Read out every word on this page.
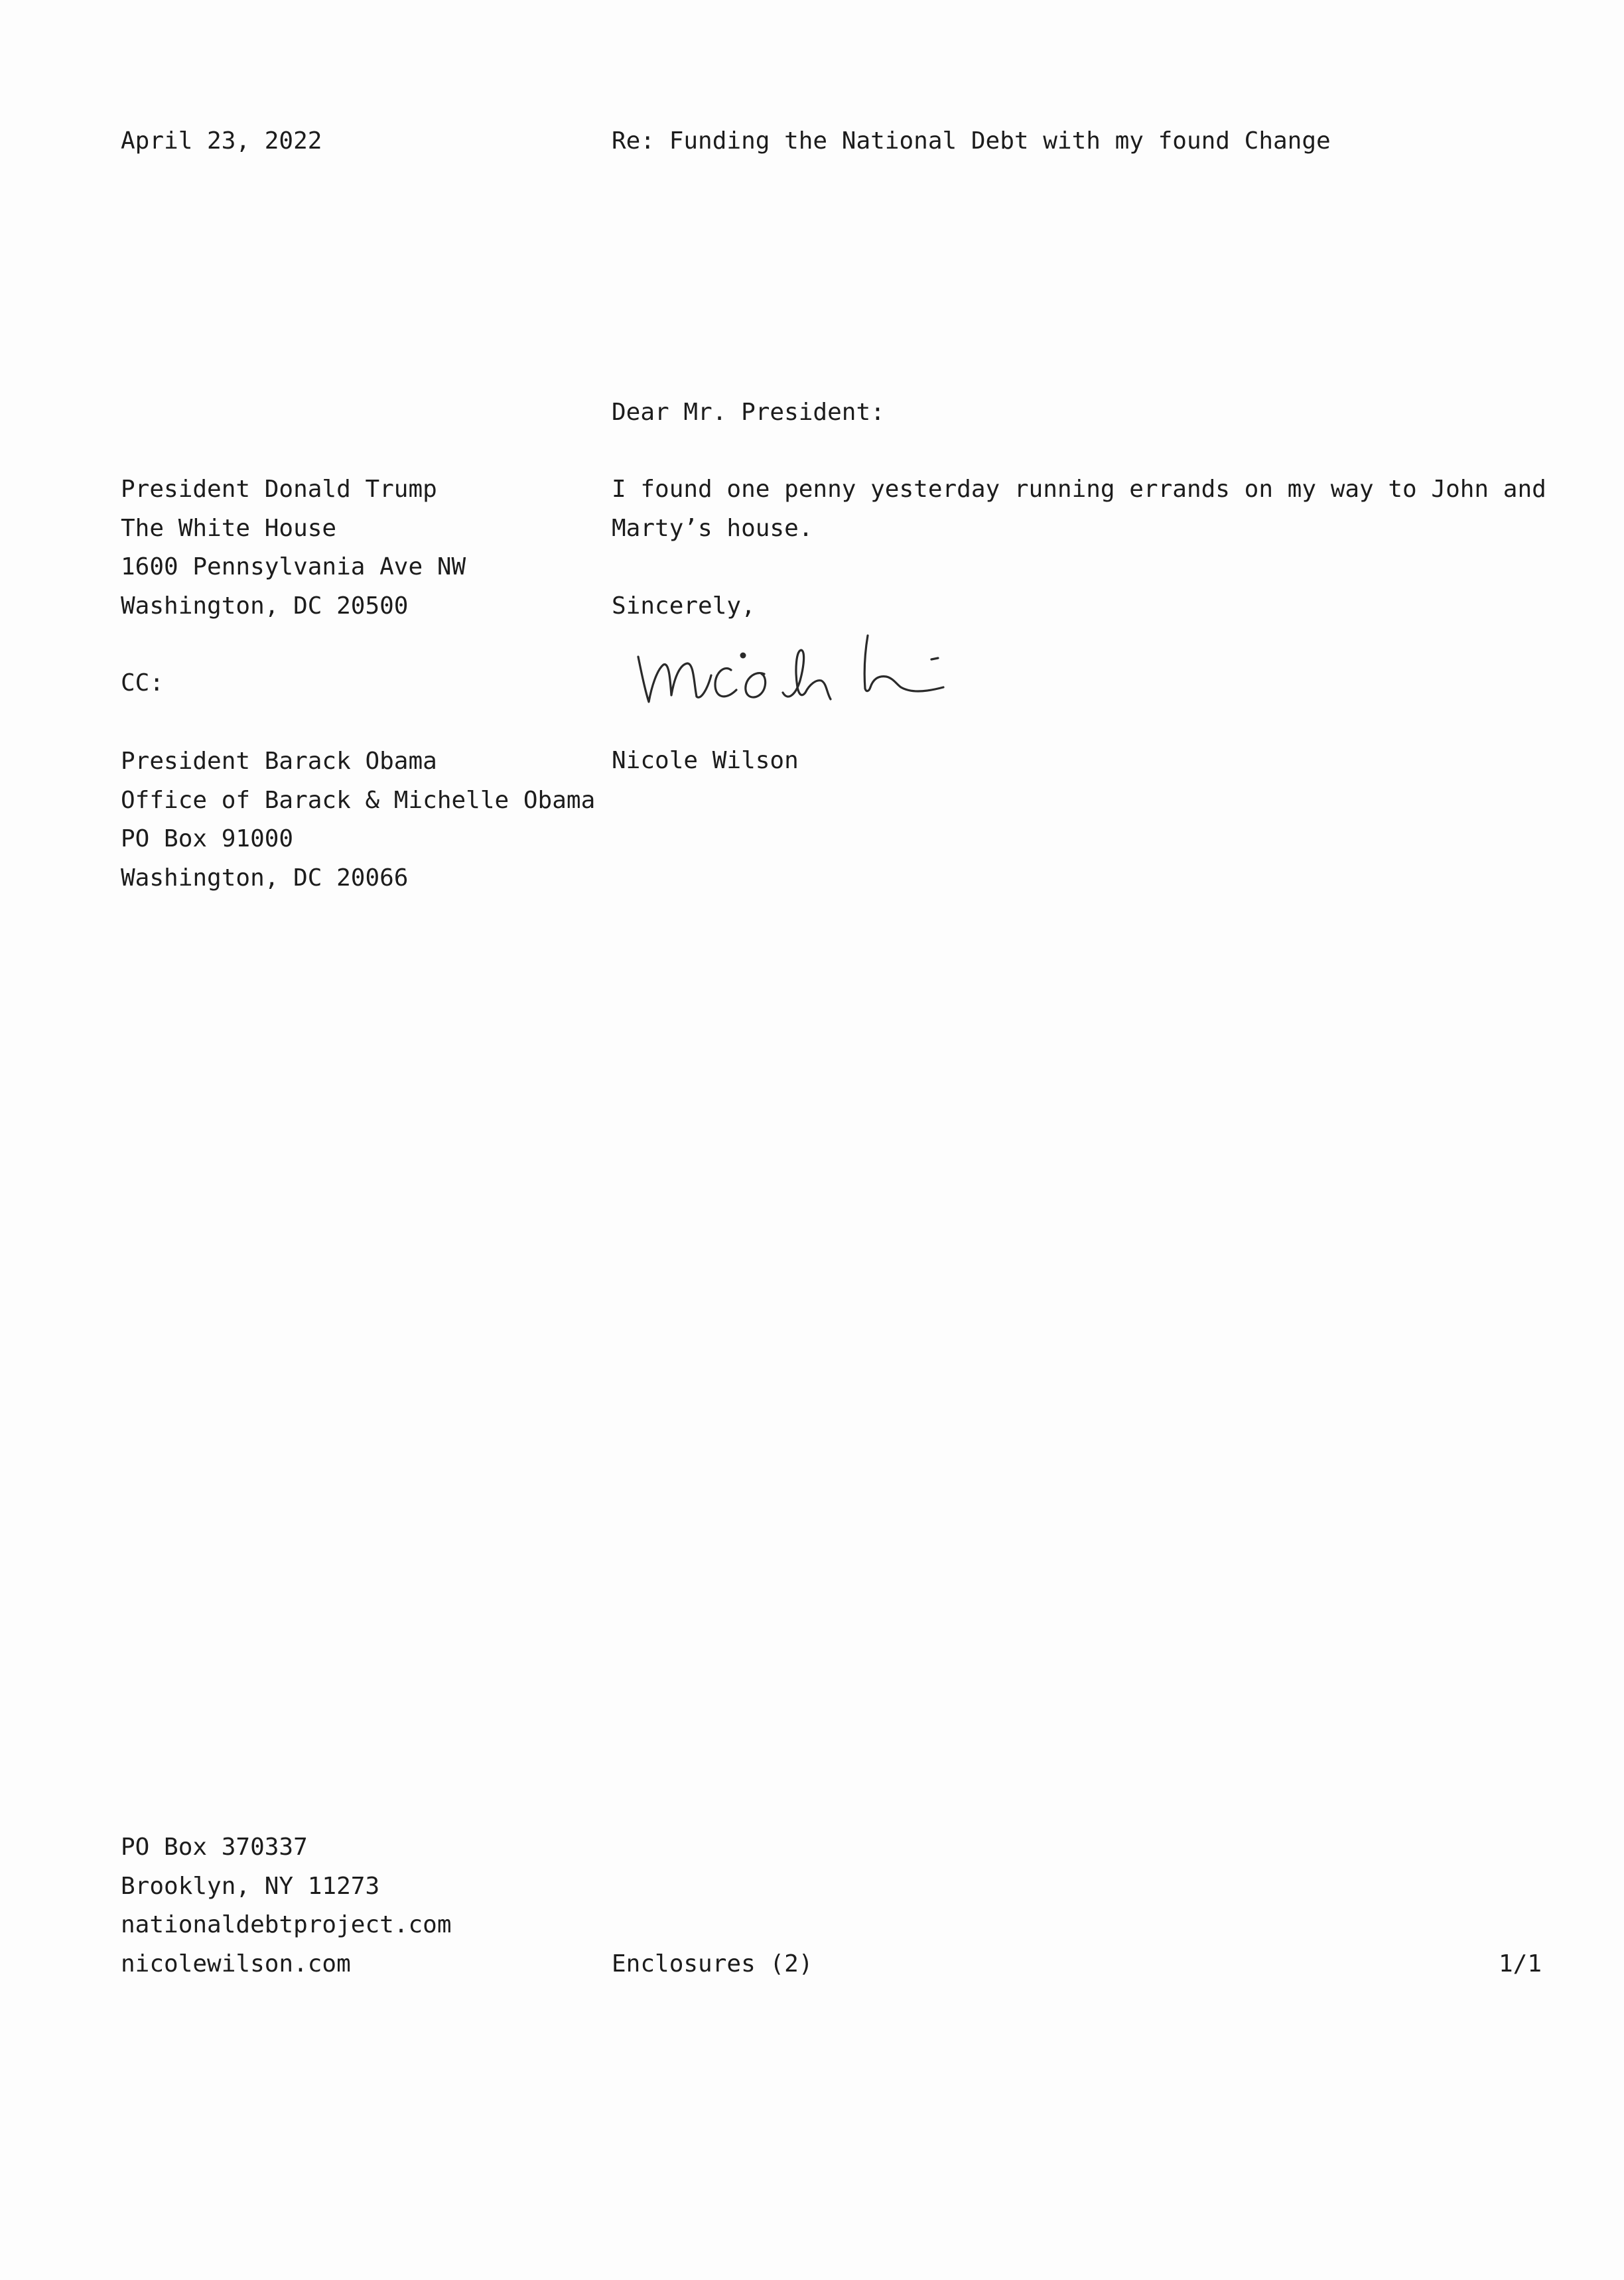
April 23, 2022	Re: Funding the National Debt with my found Change
Dear Mr. President:
President Donald Trump
The White House
1600 Pennsylvania Ave NW
Washington, DC 20500
I found one penny yesterday running errands on my way to John and
Marty’s house.
Sincerely,
CC:
Nicole Wilson
President Barack Obama
Office of Barack & Michelle Obama
PO Box 91000
Washington, DC 20066
PO Box 370337
Brooklyn, NY 11273
nationaldebtproject.com
nicolewilson.com	Enclosures (2)	1/1
